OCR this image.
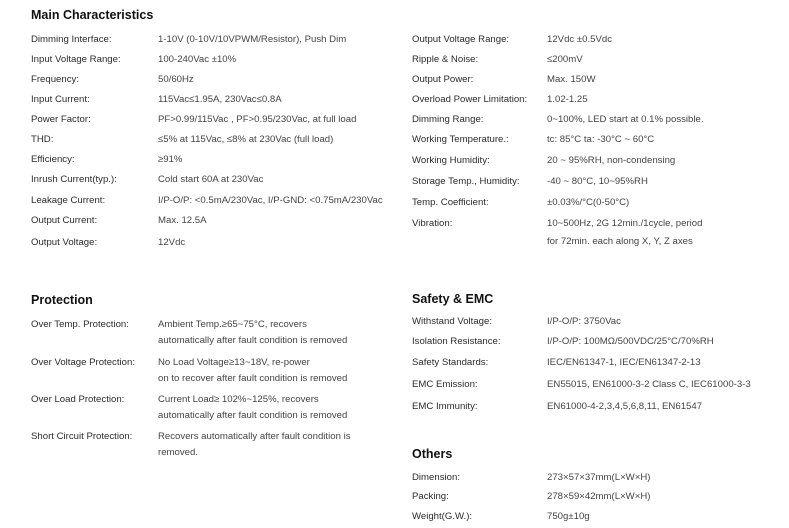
Main Characteristics
Dimming Interface:	1-10V (0-10V/10VPWM/Resistor), Push Dim
Input Voltage Range:	100-240Vac ±10%
Frequency:	50/60Hz
Input Current:	115Vac≤1.95A, 230Vac≤0.8A
Power Factor:	PF>0.99/115Vac , PF>0.95/230Vac, at full load
THD:	≤5% at 115Vac, ≤8% at 230Vac (full load)
Efficiency:	≥91%
Inrush Current(typ.):	Cold start 60A at 230Vac
Leakage Current:	I/P-O/P: <0.5mA/230Vac, I/P-GND: <0.75mA/230Vac
Output Current:	Max. 12.5A
Output Voltage:	12Vdc
Output Voltage Range:	12Vdc ±0.5Vdc
Ripple & Noise:	≤200mV
Output Power:	Max. 150W
Overload Power Limitation: 1.02-1.25
Dimming Range:	0~100%, LED start at 0.1% possible.
Working Temperature.:	tc: 85°C ta: -30°C ~ 60°C
Working Humidity:	20 ~ 95%RH, non-condensing
Storage Temp., Humidity:	-40 ~ 80°C, 10~95%RH
Temp. Coefficient:	±0.03%/°C(0-50°C)
Vibration:	10~500Hz, 2G 12min./1cycle, period
for 72min. each along X, Y, Z axes
Protection
Over Temp. Protection:	Ambient Temp.≥65~75°C, recovers
automatically after fault condition is removed
Over Voltage Protection: No Load Voltage≥13~18V, re-power
on to recover after fault condition is removed
Over Load Protection:	Current Load≥ 102%~125%, recovers
automatically after fault condition is removed
Short Circuit Protection:	Recovers automatically after fault condition is
removed.
Safety & EMC
Withstand Voltage:	I/P-O/P: 3750Vac
Isolation Resistance:	I/P-O/P: 100MΩ/500VDC/25°C/70%RH
Safety Standards:	IEC/EN61347-1, IEC/EN61347-2-13
EMC Emission:	EN55015, EN61000-3-2 Class C, IEC61000-3-3
EMC Immunity:	EN61000-4-2,3,4,5,6,8,11, EN61547
Others
Dimension:	273×57×37mm(L×W×H)
Packing:	278×59×42mm(L×W×H)
Weight(G.W.):	750g±10g
